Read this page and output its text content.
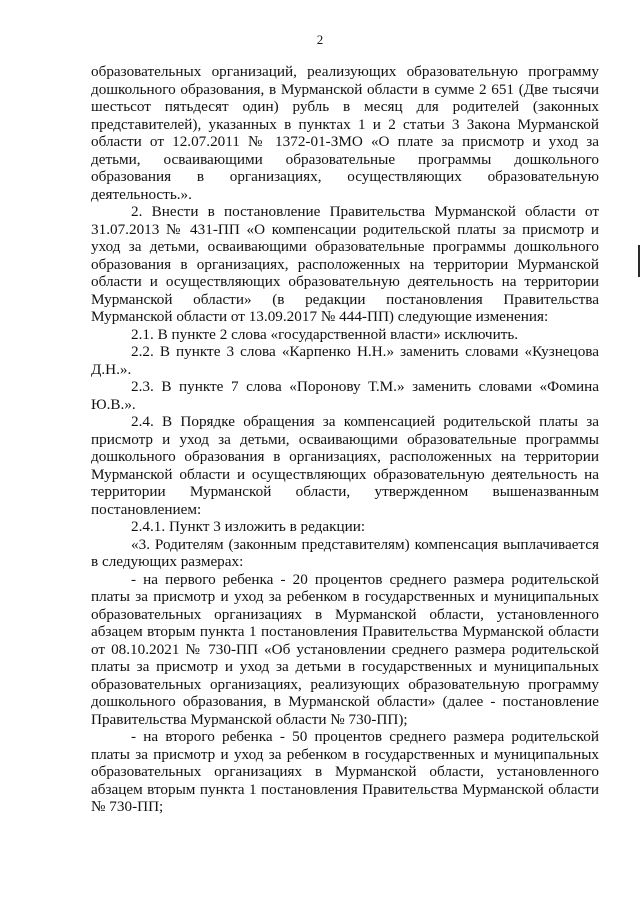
2

образовательных организаций, реализующих образовательную программу дошкольного образования, в Мурманской области в сумме 2 651 (Две тысячи шестьсот пятьдесят один) рубль в месяц для родителей (законных представителей), указанных в пунктах 1 и 2 статьи 3 Закона Мурманской области от 12.07.2011 № 1372-01-ЗМО «О плате за присмотр и уход за детьми, осваивающими образовательные программы дошкольного образования в организациях, осуществляющих образовательную деятельность.».

2. Внести в постановление Правительства Мурманской области от 31.07.2013 № 431-ПП «О компенсации родительской платы за присмотр и уход за детьми, осваивающими образовательные программы дошкольного образования в организациях, расположенных на территории Мурманской области и осуществляющих образовательную деятельность на территории Мурманской области» (в редакции постановления Правительства Мурманской области от 13.09.2017 № 444-ПП) следующие изменения:

2.1. В пункте 2 слова «государственной власти» исключить.

2.2. В пункте 3 слова «Карпенко Н.Н.» заменить словами «Кузнецова Д.Н.».

2.3. В пункте 7 слова «Поронову Т.М.» заменить словами «Фомина Ю.В.».

2.4. В Порядке обращения за компенсацией родительской платы за присмотр и уход за детьми, осваивающими образовательные программы дошкольного образования в организациях, расположенных на территории Мурманской области и осуществляющих образовательную деятельность на территории Мурманской области, утвержденном вышеназванным постановлением:

2.4.1. Пункт 3 изложить в редакции:

«3. Родителям (законным представителям) компенсация выплачивается в следующих размерах:

- на первого ребенка - 20 процентов среднего размера родительской платы за присмотр и уход за ребенком в государственных и муниципальных образовательных организациях в Мурманской области, установленного абзацем вторым пункта 1 постановления Правительства Мурманской области от 08.10.2021 № 730-ПП «Об установлении среднего размера родительской платы за присмотр и уход за детьми в государственных и муниципальных образовательных организациях, реализующих образовательную программу дошкольного образования, в Мурманской области» (далее - постановление Правительства Мурманской области № 730-ПП);

- на второго ребенка - 50 процентов среднего размера родительской платы за присмотр и уход за ребенком в государственных и муниципальных образовательных организациях в Мурманской области, установленного абзацем вторым пункта 1 постановления Правительства Мурманской области № 730-ПП;
